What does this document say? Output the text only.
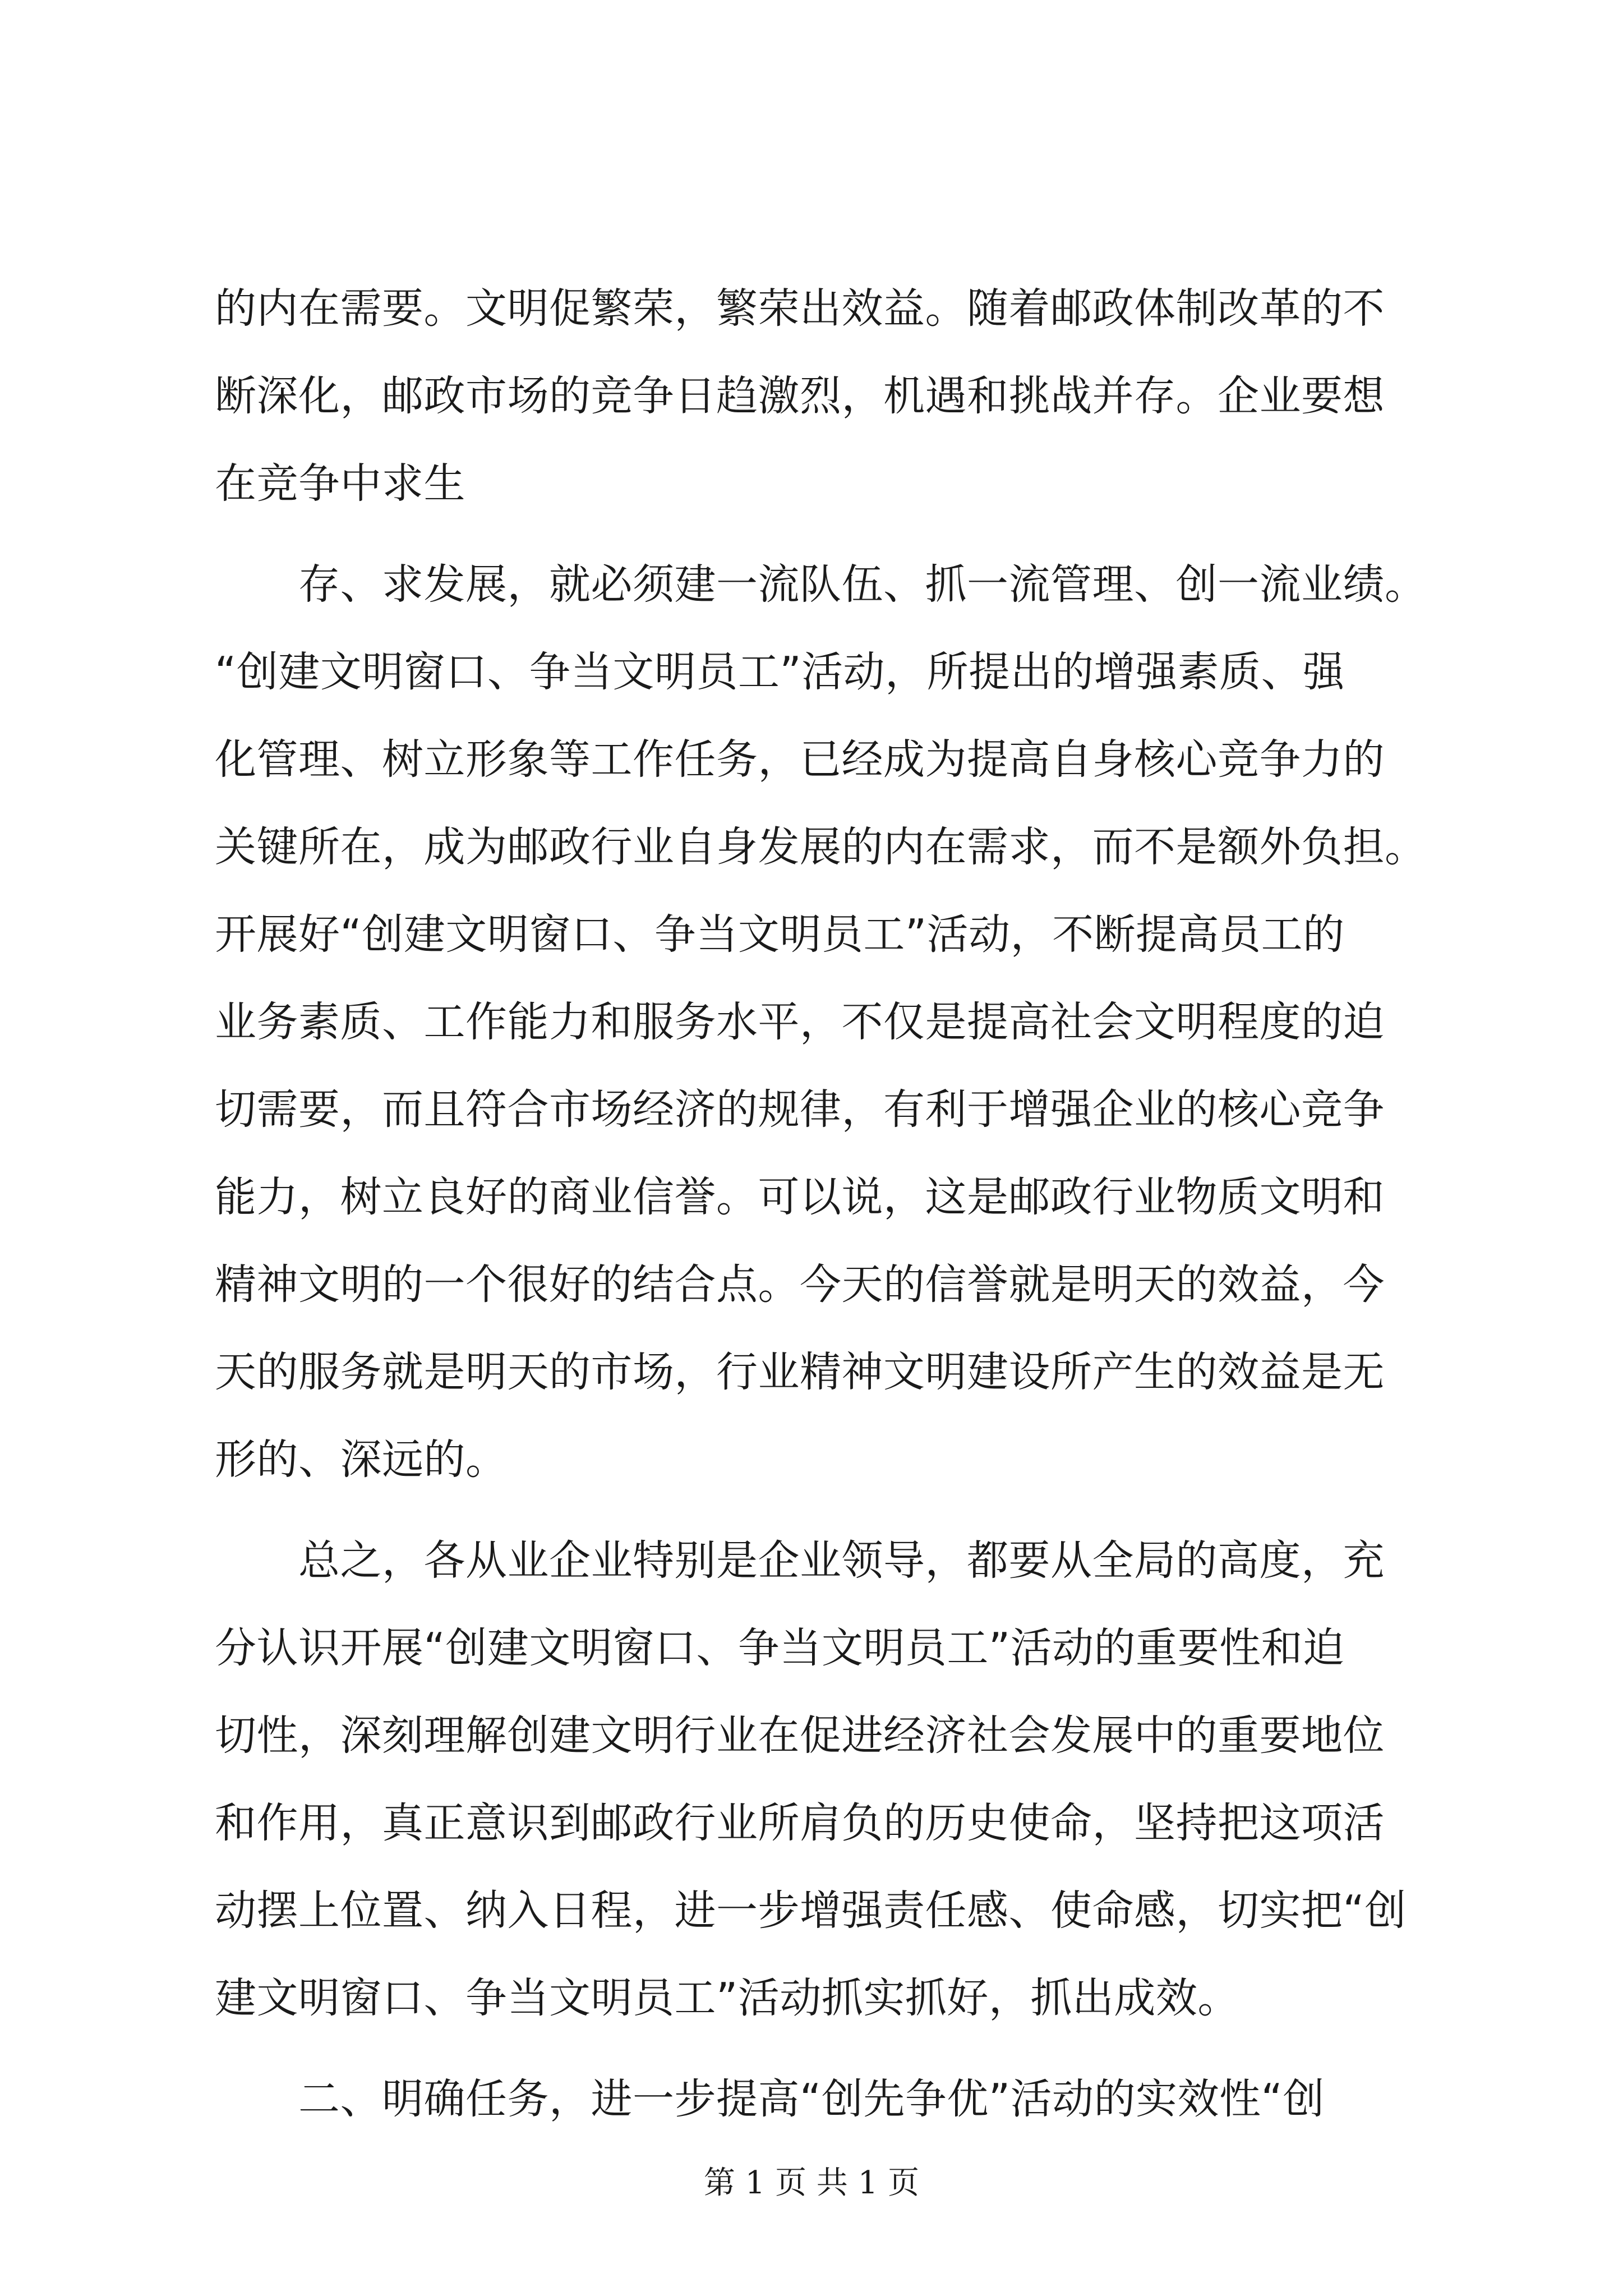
的内在需要。文明促繁荣，繁荣出效益。随着邮政体制改革的不
断深化，邮政市场的竞争日趋激烈，机遇和挑战并存。企业要想
在竞争中求生
　　存、求发展，就必须建一流队伍、抓一流管理、创一流业绩。
“创建文明窗口、争当文明员工”活动，所提出的增强素质、强
化管理、树立形象等工作任务，已经成为提高自身核心竞争力的
关键所在，成为邮政行业自身发展的内在需求，而不是额外负担。
开展好“创建文明窗口、争当文明员工”活动，不断提高员工的
业务素质、工作能力和服务水平，不仅是提高社会文明程度的迫
切需要，而且符合市场经济的规律，有利于增强企业的核心竞争
能力，树立良好的商业信誉。可以说，这是邮政行业物质文明和
精神文明的一个很好的结合点。今天的信誉就是明天的效益，今
天的服务就是明天的市场，行业精神文明建设所产生的效益是无
形的、深远的。
　　总之，各从业企业特别是企业领导，都要从全局的高度，充
分认识开展“创建文明窗口、争当文明员工”活动的重要性和迫
切性，深刻理解创建文明行业在促进经济社会发展中的重要地位
和作用，真正意识到邮政行业所肩负的历史使命，坚持把这项活
动摆上位置、纳入日程，进一步增强责任感、使命感，切实把“创
建文明窗口、争当文明员工”活动抓实抓好，抓出成效。
　　二、明确任务，进一步提高“创先争优”活动的实效性“创
第 1 页 共 1 页
